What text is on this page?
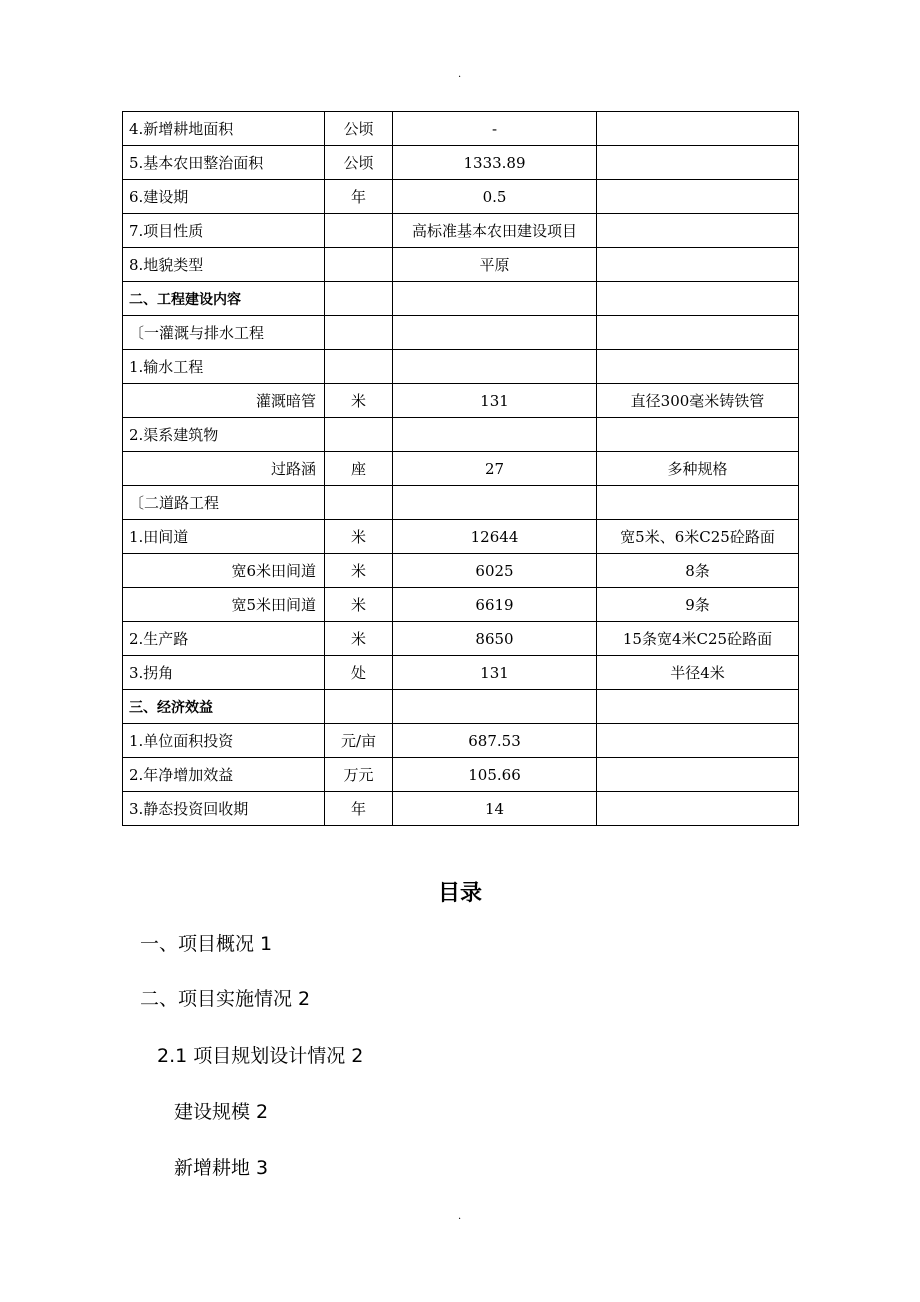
.
4.新增耕地面积	公顷	-	
5.基本农田整治面积	公顷	1333.89	
6.建设期	年	0.5	
7.项目性质		高标准基本农田建设项目	
8.地貌类型		平原	
二、工程建设内容			
〔一灌溉与排水工程			
1.输水工程			
灌溉暗管	米	131	直径300毫米铸铁管
2.渠系建筑物			
过路涵	座	27	多种规格
〔二道路工程			
1.田间道	米	12644	宽5米、6米C25砼路面
宽6米田间道	米	6025	8条
宽5米田间道	米	6619	9条
2.生产路	米	8650	15条宽4米C25砼路面
3.拐角	处	131	半径4米
三、经济效益			
1.单位面积投资	元/亩	687.53	
2.年净增加效益	万元	105.66	
3.静态投资回收期	年	14	
目录
一、项目概况 1
二、项目实施情况 2
2.1 项目规划设计情况 2
建设规模 2
新增耕地 3
.
